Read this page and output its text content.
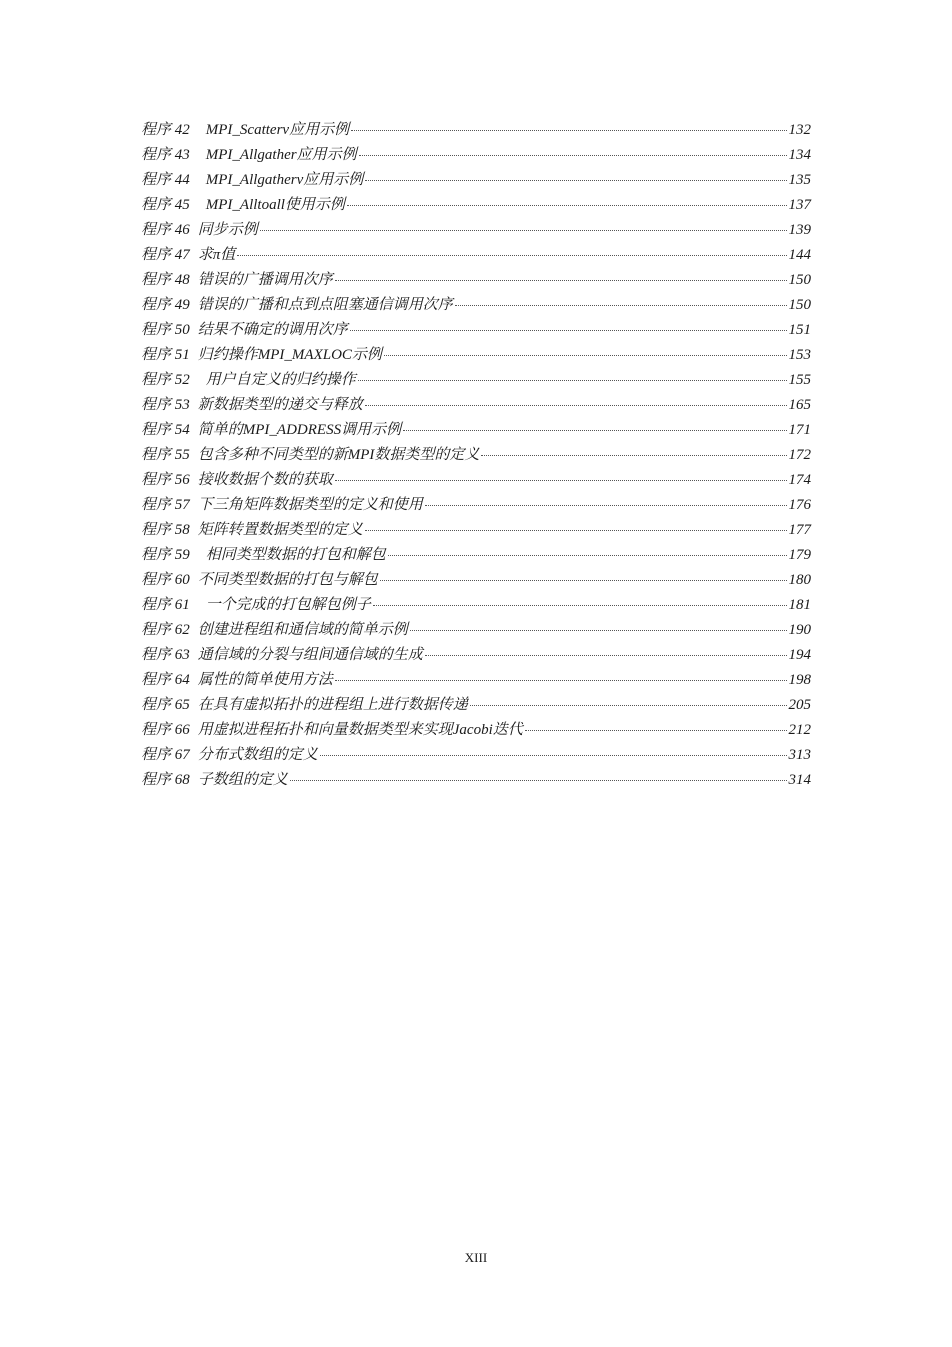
程序 42 MPI_Scatterv应用示例	132
程序 43 MPI_Allgather应用示例	134
程序 44 MPI_Allgatherv应用示例	135
程序 45 MPI_Alltoall使用示例	137
程序 46 同步示例	139
程序 47 求π值	144
程序 48 错误的广播调用次序	150
程序 49 错误的广播和点到点阻塞通信调用次序	150
程序 50 结果不确定的调用次序	151
程序 51 归约操作MPI_MAXLOC示例	153
程序 52 用户自定义的归约操作	155
程序 53 新数据类型的递交与释放	165
程序 54 简单的MPI_ADDRESS调用示例	171
程序 55 包含多种不同类型的新MPI数据类型的定义	172
程序 56 接收数据个数的获取	174
程序 57 下三角矩阵数据类型的定义和使用	176
程序 58 矩阵转置数据类型的定义	177
程序 59 相同类型数据的打包和解包	179
程序 60 不同类型数据的打包与解包	180
程序 61 一个完成的打包解包例子	181
程序 62 创建进程组和通信域的简单示例	190
程序 63 通信域的分裂与组间通信域的生成	194
程序 64 属性的简单使用方法	198
程序 65 在具有虚拟拓扑的进程组上进行数据传递	205
程序 66 用虚拟进程拓扑和向量数据类型来实现Jacobi迭代	212
程序 67 分布式数组的定义	313
程序 68 子数组的定义	314
XIII
